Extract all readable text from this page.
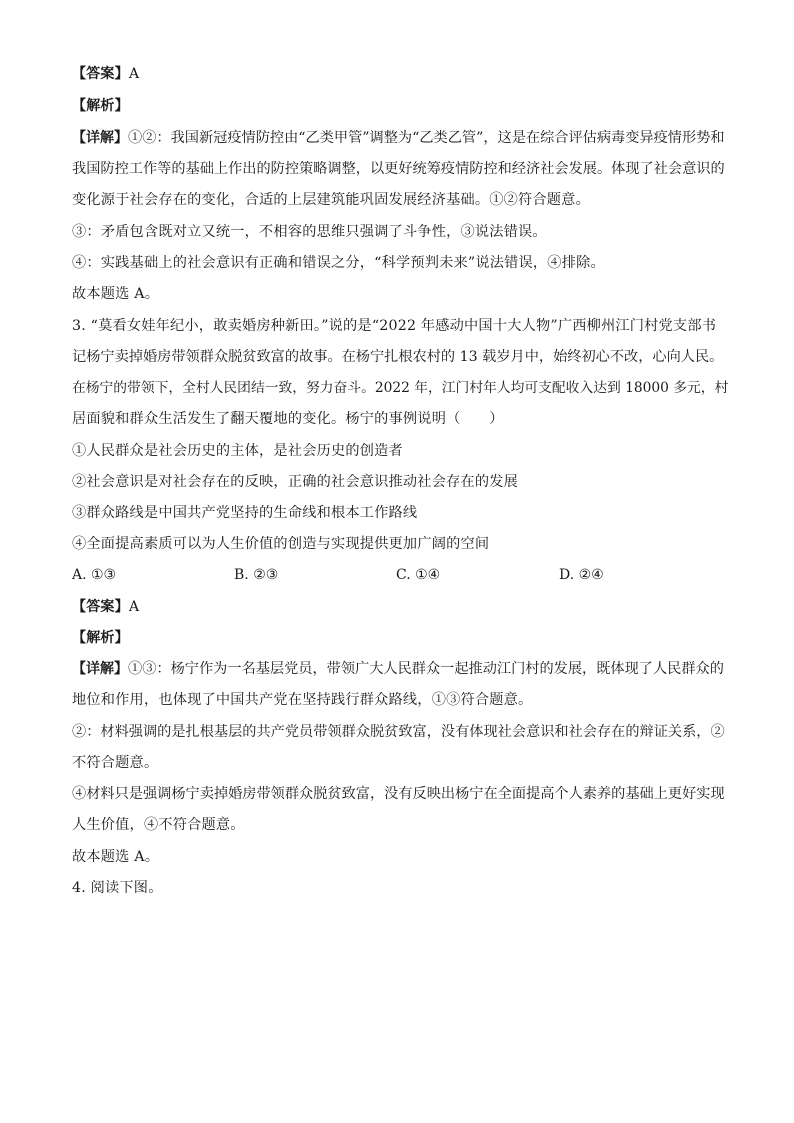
【答案】A
【解析】
【详解】①②：我国新冠疫情防控由“乙类甲管”调整为“乙类乙管”，这是在综合评估病毒变异疫情形势和
我国防控工作等的基础上作出的防控策略调整，以更好统筹疫情防控和经济社会发展。体现了社会意识的
变化源于社会存在的变化，合适的上层建筑能巩固发展经济基础。①②符合题意。
③：矛盾包含既对立又统一，不相容的思维只强调了斗争性，③说法错误。
④：实践基础上的社会意识有正确和错误之分，“科学预判未来”说法错误，④排除。
故本题选 A。
3. “莫看女娃年纪小，敢卖婚房种新田。”说的是“2022 年感动中国十大人物”广西柳州江门村党支部书
记杨宁卖掉婚房带领群众脱贫致富的故事。在杨宁扎根农村的 13 载岁月中，始终初心不改，心向人民。
在杨宁的带领下，全村人民团结一致，努力奋斗。2022 年，江门村年人均可支配收入达到 18000 多元，村
居面貌和群众生活发生了翻天覆地的变化。杨宁的事例说明（　　）
①人民群众是社会历史的主体，是社会历史的创造者
②社会意识是对社会存在的反映，正确的社会意识推动社会存在的发展
③群众路线是中国共产党坚持的生命线和根本工作路线
④全面提高素质可以为人生价值的创造与实现提供更加广阔的空间
A. ①③	B. ②③	C. ①④	D. ②④
【答案】A
【解析】
【详解】①③：杨宁作为一名基层党员，带领广大人民群众一起推动江门村的发展，既体现了人民群众的
地位和作用，也体现了中国共产党在坚持践行群众路线，①③符合题意。
②：材料强调的是扎根基层的共产党员带领群众脱贫致富，没有体现社会意识和社会存在的辩证关系，②
不符合题意。
④材料只是强调杨宁卖掉婚房带领群众脱贫致富，没有反映出杨宁在全面提高个人素养的基础上更好实现
人生价值，④不符合题意。
故本题选 A。
4. 阅读下图。
